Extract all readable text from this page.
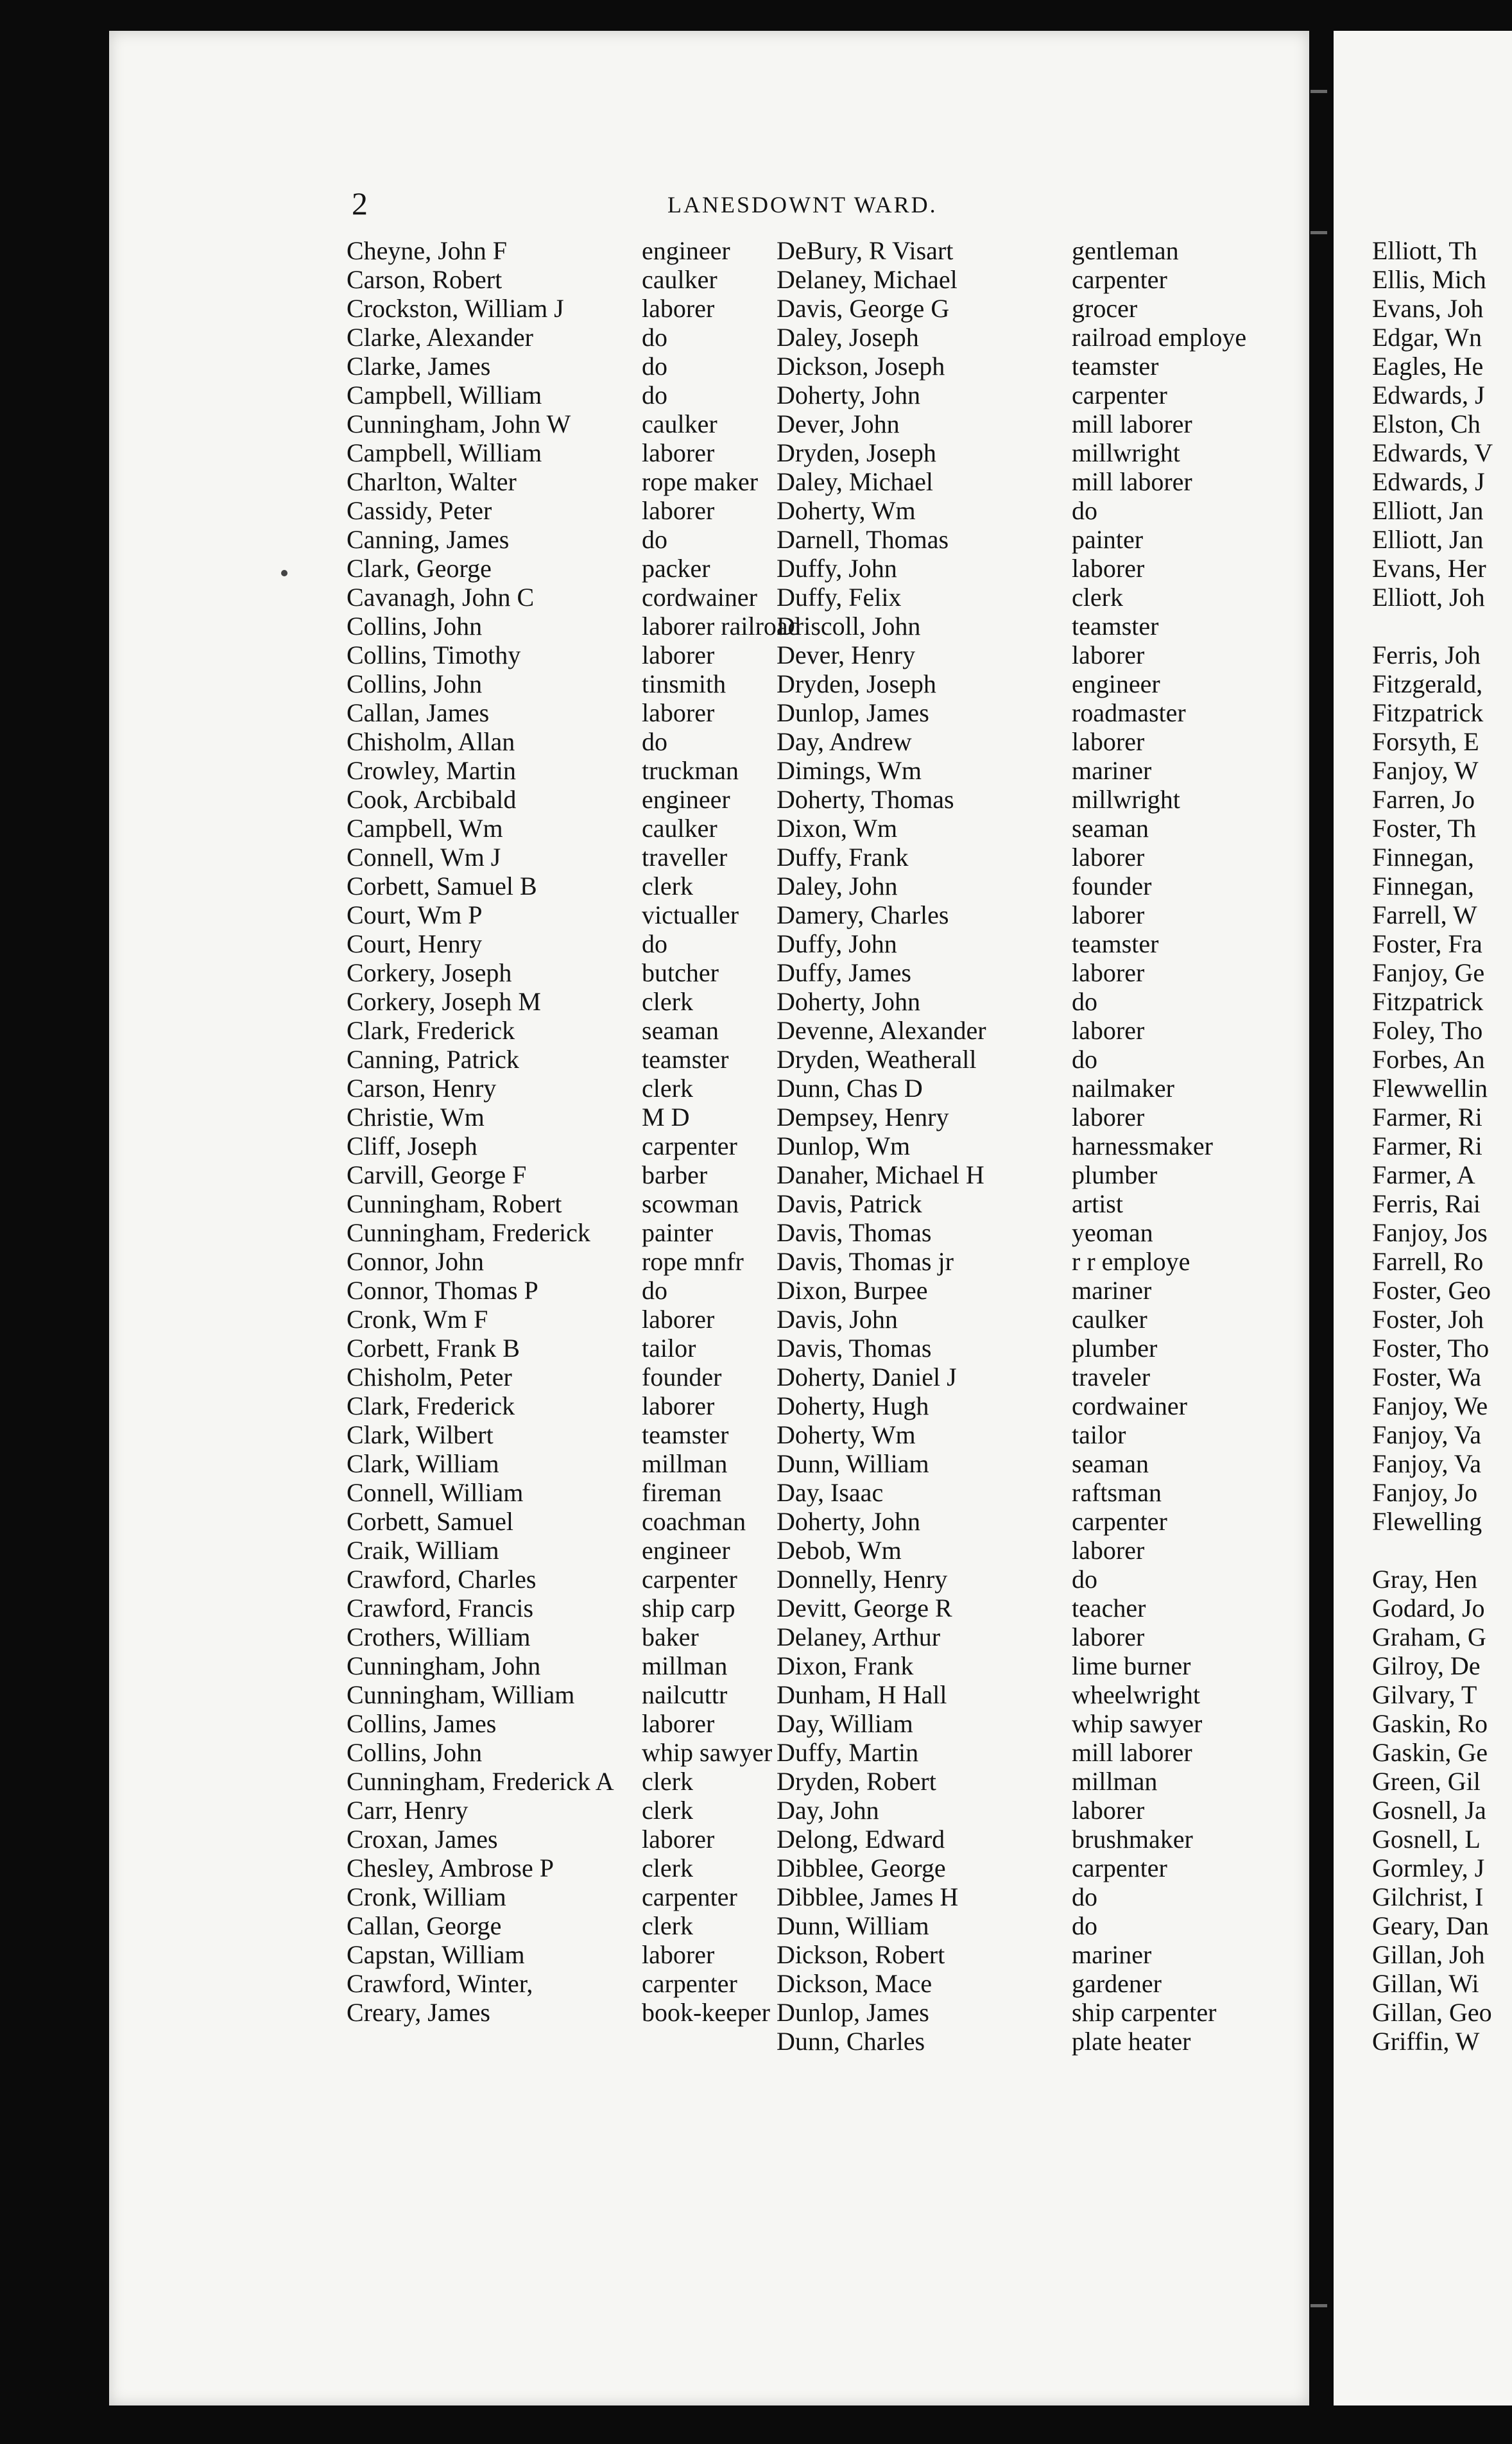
2	LANESDOWNT WARD.
Cheyne, John F	engineer
Carson, Robert	caulker
Crockston, William J	laborer
Clarke, Alexander	do
Clarke, James	do
Campbell, William	do
Cunningham, John W	caulker
Campbell, William	laborer
Charlton, Walter	rope maker
Cassidy, Peter	laborer
Canning, James	do
Clark, George	packer
Cavanagh, John C	cordwainer
Collins, John	laborer railroad
Collins, Timothy	laborer
Collins, John	tinsmith
Callan, James	laborer
Chisholm, Allan	do
Crowley, Martin	truckman
Cook, Arcbibald	engineer
Campbell, Wm	caulker
Connell, Wm J	traveller
Corbett, Samuel B	clerk
Court, Wm P	victualler
Court, Henry	do
Corkery, Joseph	butcher
Corkery, Joseph M	clerk
Clark, Frederick	seaman
Canning, Patrick	teamster
Carson, Henry	clerk
Christie, Wm	M D
Cliff, Joseph	carpenter
Carvill, George F	barber
Cunningham, Robert	scowman
Cunningham, Frederick painter
Connor, John	rope mnfr
Connor, Thomas P	do
Cronk, Wm F	laborer
Corbett, Frank B	tailor
Chisholm, Peter	founder
Clark, Frederick	laborer
Clark, Wilbert	teamster
Clark, William	millman
Connell, William	fireman
Corbett, Samuel	coachman
Craik, William	engineer
Crawford, Charles	carpenter
Crawford, Francis	ship carp
Crothers, William	baker
Cunningham, John	millman
Cunningham, William	nailcuttr
Collins, James	laborer
Collins, John	whip sawyer
Cunningham, Frederick A clerk
Carr, Henry	clerk
Croxan, James	laborer
Chesley, Ambrose P	clerk
Cronk, William	carpenter
Callan, George	clerk
Capstan, William	laborer
Crawford, Winter,	carpenter
Creary, James	book-keeper
DeBury, R Visart	gentleman
Delaney, Michael	carpenter
Davis, George G	grocer
Daley, Joseph	railroad employe
Dickson, Joseph	teamster
Doherty, John	carpenter
Dever, John	mill laborer
Dryden, Joseph	millwright
Daley, Michael	mill laborer
Doherty, Wm	do
Darnell, Thomas	painter
Duffy, John	laborer
Duffy, Felix	clerk
Driscoll, John	teamster
Dever, Henry	laborer
Dryden, Joseph	engineer
Dunlop, James	roadmaster
Day, Andrew	laborer
Dimings, Wm	mariner
Doherty, Thomas	millwright
Dixon, Wm	seaman
Duffy, Frank	laborer
Daley, John	founder
Damery, Charles	laborer
Duffy, John	teamster
Duffy, James	laborer
Doherty, John	do
Devenne, Alexander	laborer
Dryden, Weatherall	do
Dunn, Chas D	nailmaker
Dempsey, Henry	laborer
Dunlop, Wm	harnessmaker
Danaher, Michael H	plumber
Davis, Patrick	artist
Davis, Thomas	yeoman
Davis, Thomas jr	r r employe
Dixon, Burpee	mariner
Davis, John	caulker
Davis, Thomas	plumber
Doherty, Daniel J	traveler
Doherty, Hugh	cordwainer
Doherty, Wm	tailor
Dunn, William	seaman
Day, Isaac	raftsman
Doherty, John	carpenter
Debob, Wm	laborer
Donnelly, Henry	do
Devitt, George R	teacher
Delaney, Arthur	laborer
Dixon, Frank	lime burner
Dunham, H Hall	wheelwright
Day, William	whip sawyer
Duffy, Martin	mill laborer
Dryden, Robert	millman
Day, John	laborer
Delong, Edward	brushmaker
Dibblee, George	carpenter
Dibblee, James H	do
Dunn, William	do
Dickson, Robert	mariner
Dickson, Mace	gardener
Dunlop, James	ship carpenter
Dunn, Charles	plate heater
Elliott, Th
Ellis, Mich
Evans, Joh
Edgar, Wn
Eagles, He
Edwards, J
Elston, Ch
Edwards, V
Edwards, J
Elliott, Jan
Elliott, Jan
Evans, Her
Elliott, Joh
Ferris, Joh
Fitzgerald,
Fitzpatrick
Forsyth, E
Fanjoy, W
Farren, Jo
Foster, Th
Finnegan,
Finnegan,
Farrell, W
Foster, Fra
Fanjoy, Ge
Fitzpatrick
Foley, Tho
Forbes, An
Flewwellin
Farmer, Ri
Farmer, Ri
Farmer, A
Ferris, Rai
Fanjoy, Jos
Farrell, Ro
Foster, Geo
Foster, Joh
Foster, Tho
Foster, Wa
Fanjoy, We
Fanjoy, Va
Fanjoy, Va
Fanjoy, Jo
Flewelling
Gray, Hen
Godard, Jo
Graham, G
Gilroy, De
Gilvary, T
Gaskin, Ro
Gaskin, Ge
Green, Gil
Gosnell, Ja
Gosnell, L
Gormley, J
Gilchrist, I
Geary, Dan
Gillan, Joh
Gillan, Wi
Gillan, Geo
Griffin, W
